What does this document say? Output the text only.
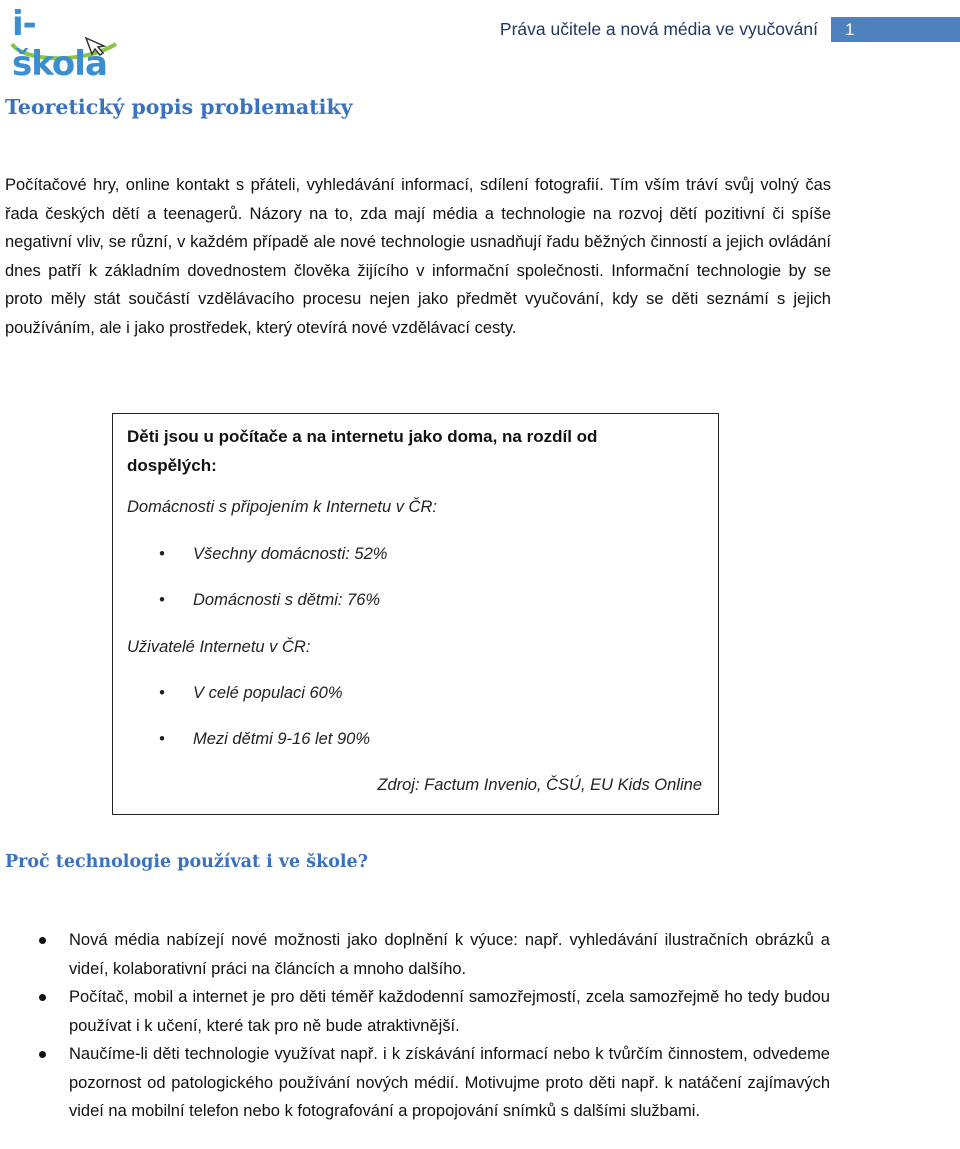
i-škola
Práva učitele a nová média ve vyučování	1
Teoretický popis problematiky

Počítačové hry, online kontakt s přáteli, vyhledávání informací, sdílení fotografií. Tím vším tráví svůj volný čas řada českých dětí a teenagerů. Názory na to, zda mají média a technologie na rozvoj dětí pozitivní či spíše negativní vliv, se různí, v každém případě ale nové technologie usnadňují řadu běžných činností a jejich ovládání dnes patří k základním dovednostem člověka žijícího v informační společnosti. Informační technologie by se proto měly stát součástí vzdělávacího procesu nejen jako předmět vyučování, kdy se děti seznámí s jejich používáním, ale i jako prostředek, který otevírá nové vzdělávací cesty.

Děti jsou u počítače a na internetu jako doma, na rozdíl od dospělých:

Domácnosti s připojením k Internetu v ČR:
• Všechny domácnosti: 52%
• Domácnosti s dětmi: 76%
Uživatelé Internetu v ČR:
• V celé populaci 60%
• Mezi dětmi 9-16 let 90%
Zdroj: Factum Invenio, ČSÚ, EU Kids Online
Proč technologie používat i ve škole?

Nová média nabízejí nové možnosti jako doplnění k výuce: např. vyhledávání ilustračních obrázků a videí, kolaborativní práci na článcích a mnoho dalšího.

Počítač, mobil a internet je pro děti téměř každodenní samozřejmostí, zcela samozřejmě ho tedy budou používat i k učení, které tak pro ně bude atraktivnější.

Naučíme-li děti technologie využívat např. i k získávání informací nebo k tvůrčím činnostem, odvedeme pozornost od patologického používání nových médií. Motivujme proto děti např. k natáčení zajímavých videí na mobilní telefon nebo k fotografování a propojování snímků s dalšími službami.
